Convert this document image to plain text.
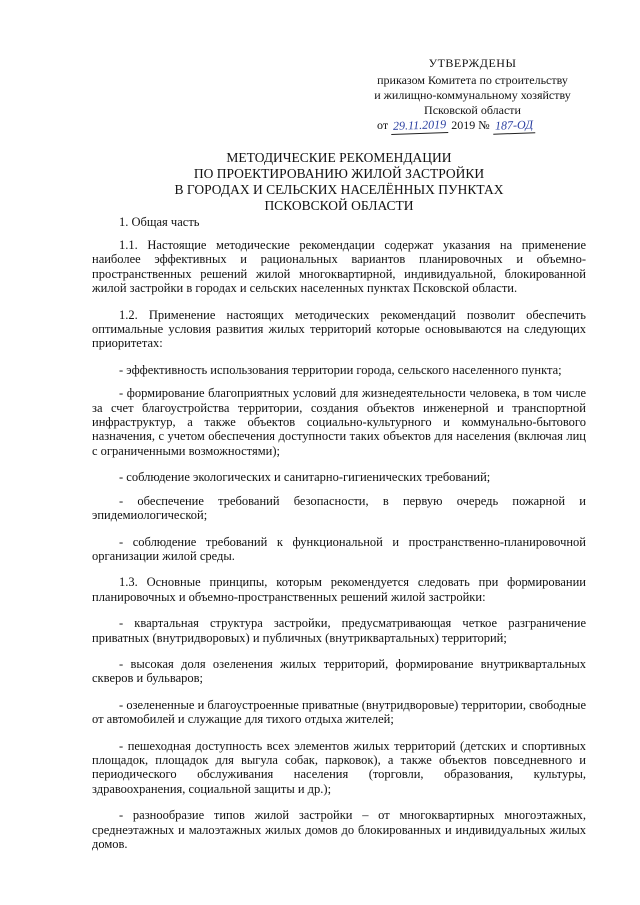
УТВЕРЖДЕНЫ
приказом Комитета по строительству
и жилищно-коммунальному хозяйству
Псковской области
от 29.11.2019 2019 № 187-ОД
МЕТОДИЧЕСКИЕ РЕКОМЕНДАЦИИ
ПО ПРОЕКТИРОВАНИЮ ЖИЛОЙ ЗАСТРОЙКИ
В ГОРОДАХ И СЕЛЬСКИХ НАСЕЛЁННЫХ ПУНКТАХ
ПСКОВСКОЙ ОБЛАСТИ
1. Общая часть

1.1. Настоящие методические рекомендации содержат указания на применение наиболее эффективных и рациональных вариантов планировочных и объемно-пространственных решений жилой многоквартирной, индивидуальной, блокированной жилой застройки в городах и сельских населенных пунктах Псковской области.

1.2. Применение настоящих методических рекомендаций позволит обеспечить оптимальные условия развития жилых территорий которые основываются на следующих приоритетах:

- эффективность использования территории города, сельского населенного пункта;

- формирование благоприятных условий для жизнедеятельности человека, в том числе за счет благоустройства территории, создания объектов инженерной и транспортной инфраструктур, а также объектов социально-культурного и коммунально-бытового назначения, с учетом обеспечения доступности таких объектов для населения (включая лиц с ограниченными возможностями);

- соблюдение экологических и санитарно-гигиенических требований;

- обеспечение требований безопасности, в первую очередь пожарной и эпидемиологической;

- соблюдение требований к функциональной и пространственно-планировочной организации жилой среды.

1.3. Основные принципы, которым рекомендуется следовать при формировании планировочных и объемно-пространственных решений жилой застройки:

- квартальная структура застройки, предусматривающая четкое разграничение приватных (внутридворовых) и публичных (внутриквартальных) территорий;

- высокая доля озеленения жилых территорий, формирование внутриквартальных скверов и бульваров;

- озелененные и благоустроенные приватные (внутридворовые) территории, свободные от автомобилей и служащие для тихого отдыха жителей;

- пешеходная доступность всех элементов жилых территорий (детских и спортивных площадок, площадок для выгула собак, парковок), а также объектов повседневного и периодического обслуживания населения (торговли, образования, культуры, здравоохранения, социальной защиты и др.);

- разнообразие типов жилой застройки – от многоквартирных многоэтажных, среднеэтажных и малоэтажных жилых домов до блокированных и индивидуальных жилых домов.
